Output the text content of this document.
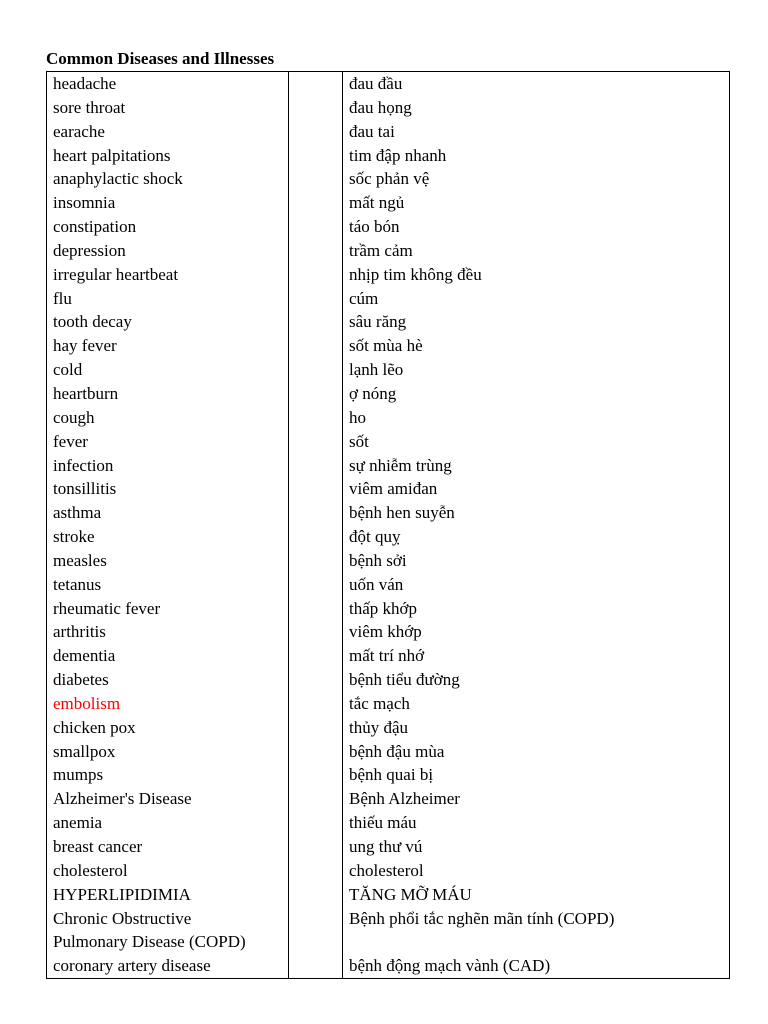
Common Diseases and Illnesses
headache		đau đầu
sore throat		đau họng
earache		đau tai
heart palpitations		tim đập nhanh
anaphylactic shock		sốc phản vệ
insomnia		mất ngủ
constipation		táo bón
depression		trầm cảm
irregular heartbeat		nhịp tim không đều
flu		cúm
tooth decay		sâu răng
hay fever		sốt mùa hè
cold		lạnh lẽo
heartburn		ợ nóng
cough		ho
fever		sốt
infection		sự nhiễm trùng
tonsillitis		viêm amiđan
asthma		bệnh hen suyễn
stroke		đột quỵ
measles		bệnh sởi
tetanus		uốn ván
rheumatic fever		thấp khớp
arthritis		viêm khớp
dementia		mất trí nhớ
diabetes		bệnh tiểu đường
embolism		tắc mạch
chicken pox		thủy đậu
smallpox		bệnh đậu mùa
mumps		bệnh quai bị
Alzheimer's Disease		Bệnh Alzheimer
anemia		thiếu máu
breast cancer		ung thư vú
cholesterol		cholesterol
HYPERLIPIDIMIA		TĂNG MỠ MÁU
Chronic Obstructive		Bệnh phổi tắc nghẽn mãn tính (COPD)
Pulmonary Disease (COPD)		
coronary artery disease		bệnh động mạch vành (CAD)
